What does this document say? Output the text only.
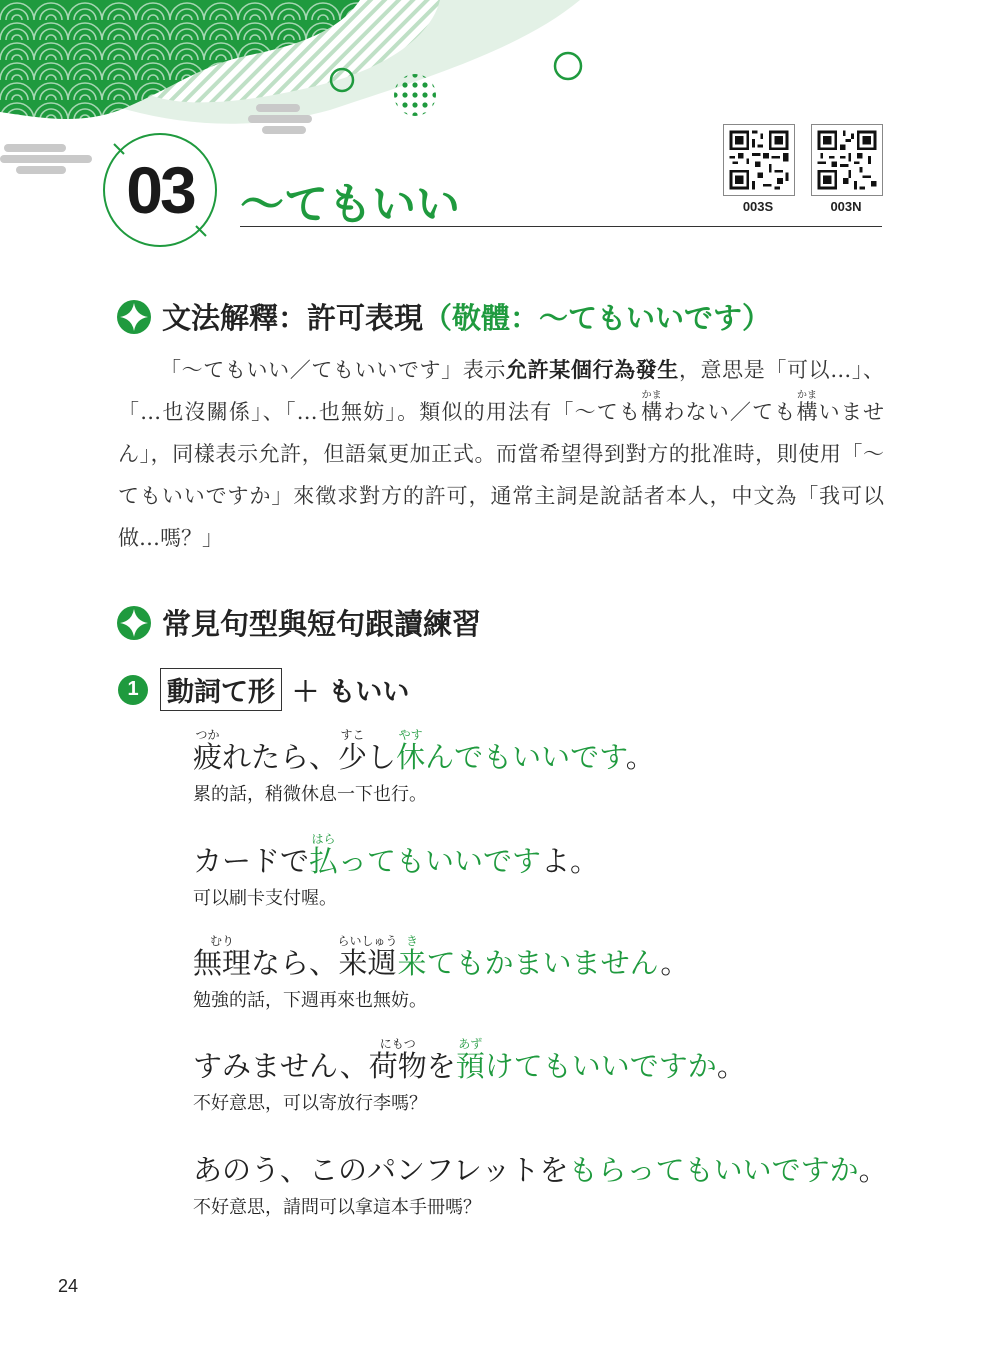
03	～てもいい	003S	003N
文法解釋：許可表現 （敬體：～てもいいです）
「～てもいい／てもいいです」表示允許某個行為發生，意思是「可以…」、「…也沒關係」、「…也無妨」。類似的用法有「～ても構かまわない／ても構かまいません」，同樣表示允許，但語氣更加正式。而當希望得到對方的批准時，則使用「～てもいいですか」來徵求對方的許可，通常主詞是說話者本人，中文為「我可以做…嗎？」
常見句型與短句跟讀練習
1	動詞て形 ＋ もいい
疲つかれたら、少すこし休やすんでもいいです。
累的話，稍微休息一下也行。
カードで払はらってもいいですよ。
可以刷卡支付喔。
無理むりなら、来週らいしゅう来きてもかまいません。
勉強的話，下週再來也無妨。
すみません、荷物にもつを預あずけてもいいですか。
不好意思，可以寄放行李嗎？
あのう、このパンフレットをもらってもいいですか。
不好意思，請問可以拿這本手冊嗎？
24
